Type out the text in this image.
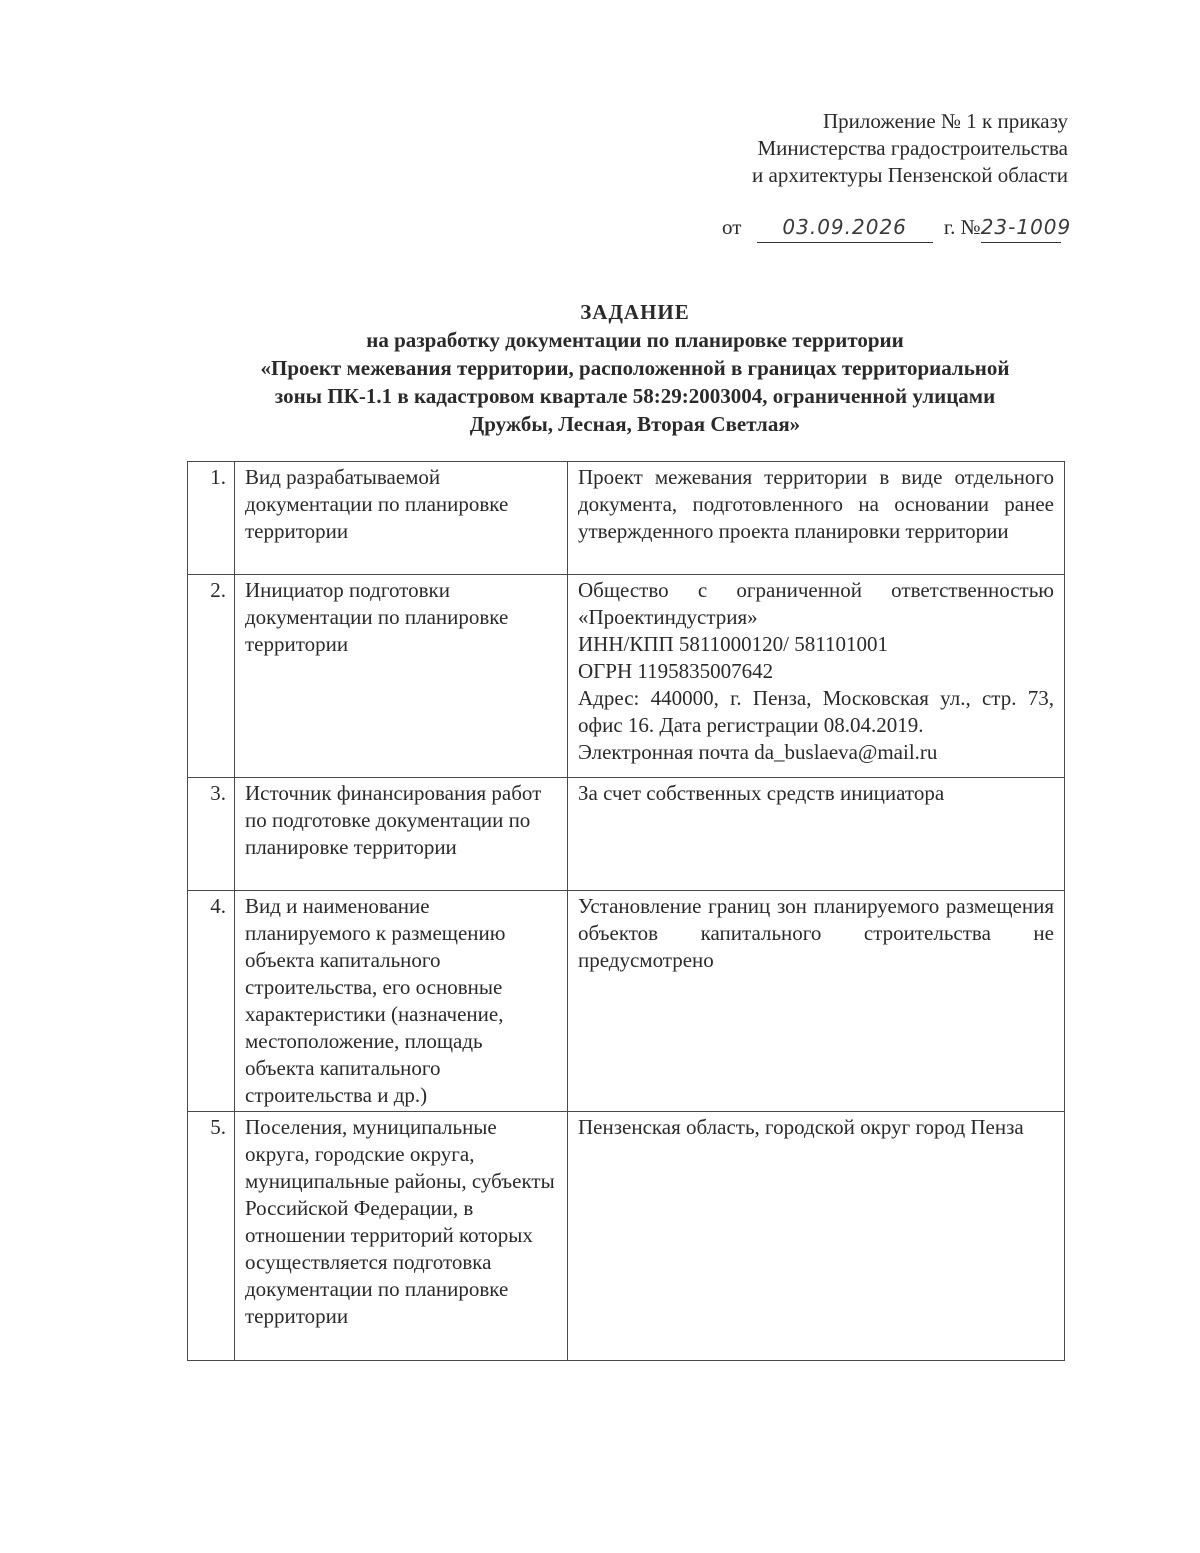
Приложение № 1 к приказу
Министерства градостроительства
и архитектуры Пензенской области
от 03.09.2026 г. №23-1009
ЗАДАНИЕ
на разработку документации по планировке территории
«Проект межевания территории, расположенной в границах территориальной
зоны ПК-1.1 в кадастровом квартале 58:29:2003004, ограниченной улицами
Дружбы, Лесная, Вторая Светлая»
1.	Вид разрабатываемой документации по планировке территории	Проект межевания территории в виде отдельного документа, подготовленного на основании ранее утвержденного проекта планировки территории
2.	Инициатор подготовки документации по планировке территории	Общество с ограниченной ответственностью «Проектиндустрия»
ИНН/КПП 5811000120/ 581101001
ОГРН 1195835007642
Адрес: 440000, г. Пенза, Московская ул., стр. 73, офис 16. Дата регистрации 08.04.2019.
Электронная почта da_buslaeva@mail.ru

3.	Источник финансирования работ по подготовке документации по планировке территории	За счет собственных средств инициатора
4.	Вид и наименование планируемого к размещению объекта капитального строительства, его основные характеристики (назначение, местоположение, площадь объекта капитального строительства и др.)	Установление границ зон планируемого размещения объектов капитального строительства не предусмотрено
5.	Поселения, муниципальные округа, городские округа, муниципальные районы, субъекты Российской Федерации, в отношении территорий которых осуществляется подготовка документации по планировке территории	Пензенская область, городской округ город Пенза
